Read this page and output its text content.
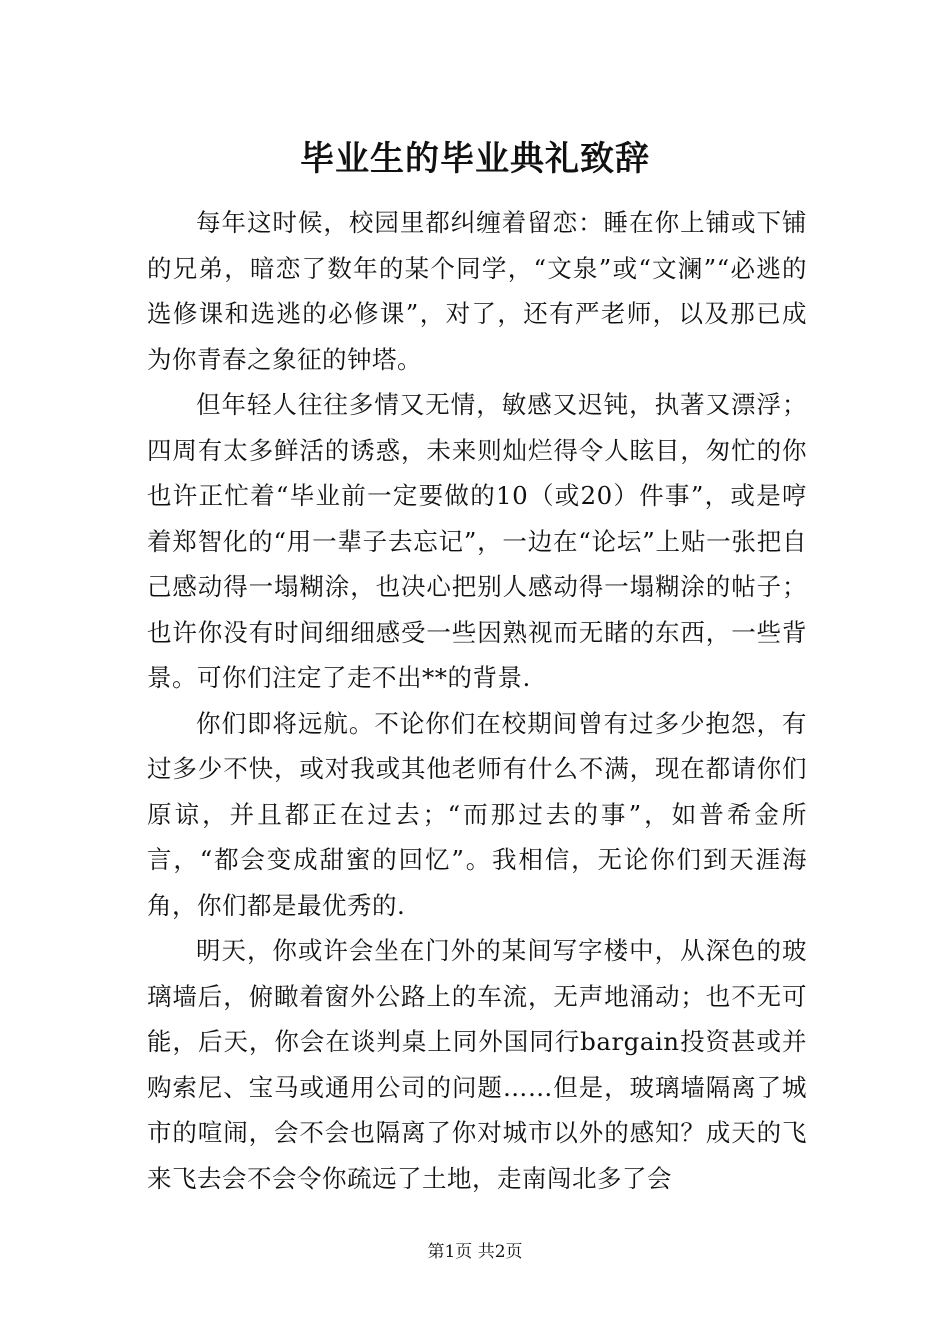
毕业生的毕业典礼致辞

每年这时候，校园里都纠缠着留恋：睡在你上铺或下铺的兄弟，暗恋了数年的某个同学，“文泉”或“文澜”“必逃的选修课和选逃的必修课”，对了，还有严老师，以及那已成为你青春之象征的钟塔。

但年轻人往往多情又无情，敏感又迟钝，执著又漂浮；四周有太多鲜活的诱惑，未来则灿烂得令人眩目，匆忙的你也许正忙着“毕业前一定要做的10（或20）件事”，或是哼着郑智化的“用一辈子去忘记”，一边在“论坛”上贴一张把自己感动得一塌糊涂，也决心把别人感动得一塌糊涂的帖子；也许你没有时间细细感受一些因熟视而无睹的东西，一些背景。可你们注定了走不出**的背景.

你们即将远航。不论你们在校期间曾有过多少抱怨，有过多少不快，或对我或其他老师有什么不满，现在都请你们原谅，并且都正在过去；“而那过去的事”，如普希金所言，“都会变成甜蜜的回忆”。我相信，无论你们到天涯海角，你们都是最优秀的.

明天，你或许会坐在门外的某间写字楼中，从深色的玻璃墙后，俯瞰着窗外公路上的车流，无声地涌动；也不无可能，后天，你会在谈判桌上同外国同行bargain投资甚或并购索尼、宝马或通用公司的问题……但是，玻璃墙隔离了城市的喧闹，会不会也隔离了你对城市以外的感知？成天的飞来飞去会不会令你疏远了土地，走南闯北多了会

第1页 共2页
